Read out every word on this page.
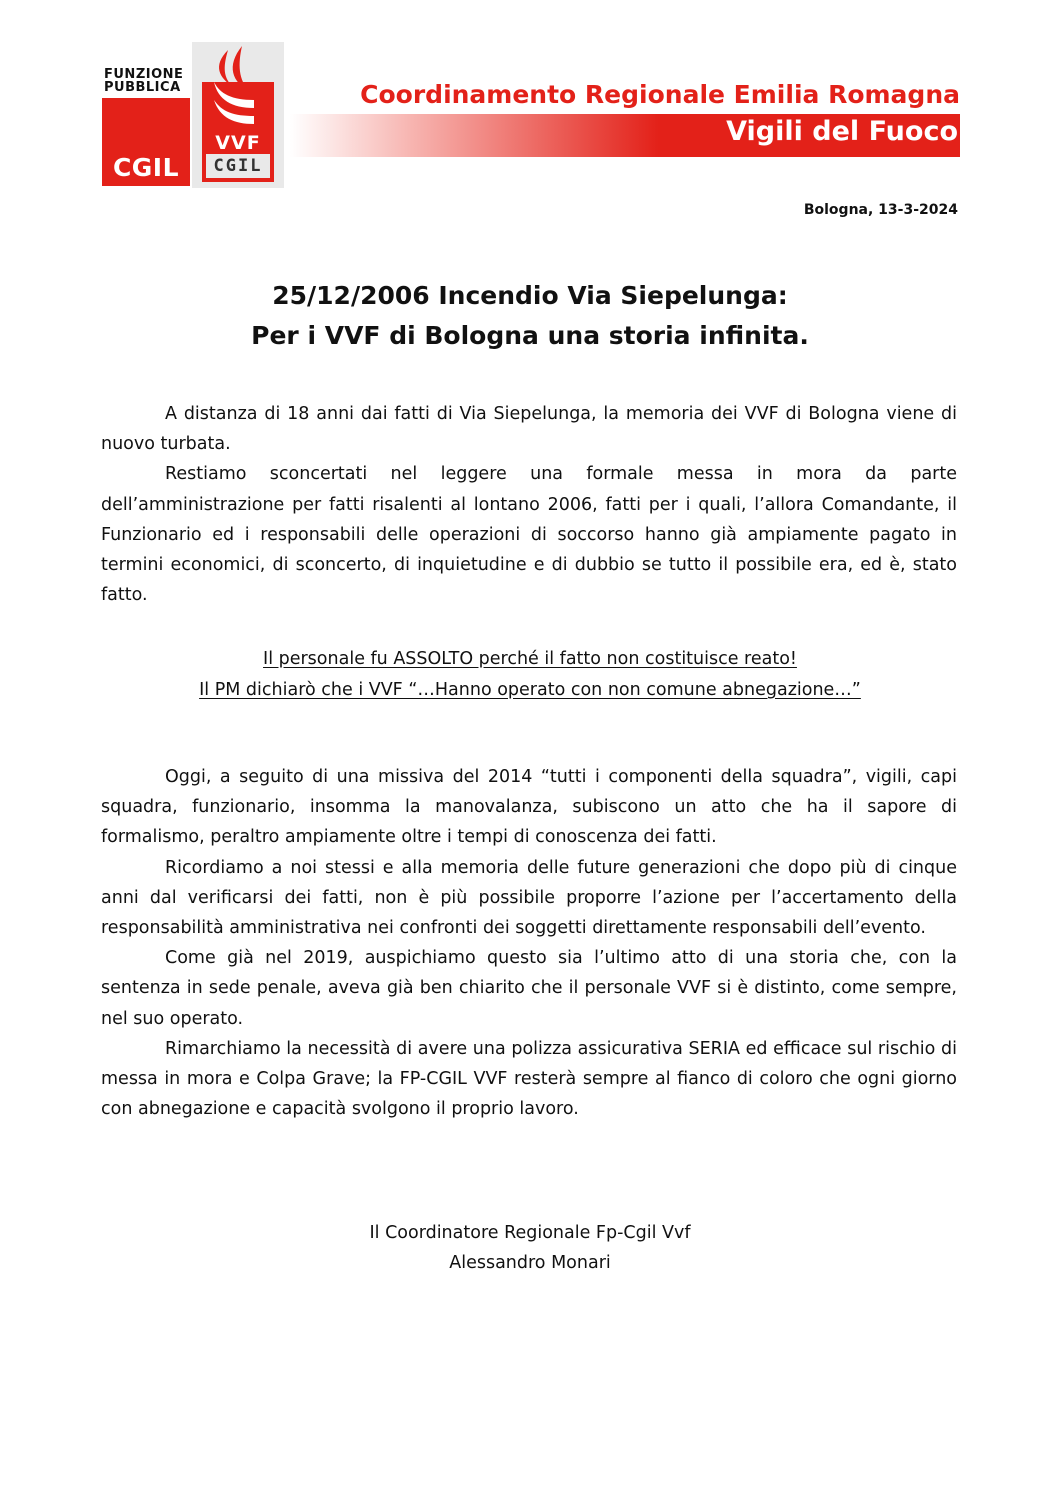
FUNZIONE
PUBBLICA
CGIL
VVF
CGIL
Coordinamento Regionale Emilia Romagna
Vigili del Fuoco
Bologna, 13-3-2024
25/12/2006 Incendio Via Siepelunga:
Per i VVF di Bologna una storia infinita.

A distanza di 18 anni dai fatti di Via Siepelunga, la memoria dei VVF di Bologna viene di nuovo turbata.

Restiamo sconcertati nel leggere una formale messa in mora da parte dell’amministrazione per fatti risalenti al lontano 2006, fatti per i quali, l’allora Comandante, il Funzionario ed i responsabili delle operazioni di soccorso hanno già ampiamente pagato in termini economici, di sconcerto, di inquietudine e di dubbio se tutto il possibile era, ed è, stato fatto.

Il personale fu ASSOLTO perché il fatto non costituisce reato!
Il PM dichiarò che i VVF “…Hanno operato con non comune abnegazione…”

Oggi, a seguito di una missiva del 2014 “tutti i componenti della squadra”, vigili, capi squadra, funzionario, insomma la manovalanza, subiscono un atto che ha il sapore di formalismo, peraltro ampiamente oltre i tempi di conoscenza dei fatti.

Ricordiamo a noi stessi e alla memoria delle future generazioni che dopo più di cinque anni dal verificarsi dei fatti, non è più possibile proporre l’azione per l’accertamento della responsabilità amministrativa nei confronti dei soggetti direttamente responsabili dell’evento.

Come già nel 2019, auspichiamo questo sia l’ultimo atto di una storia che, con la sentenza in sede penale, aveva già ben chiarito che il personale VVF si è distinto, come sempre, nel suo operato.

Rimarchiamo la necessità di avere una polizza assicurativa SERIA ed efficace sul rischio di messa in mora e Colpa Grave; la FP-CGIL VVF resterà sempre al fianco di coloro che ogni giorno con abnegazione e capacità svolgono il proprio lavoro.

Il Coordinatore Regionale Fp-Cgil Vvf
Alessandro Monari
